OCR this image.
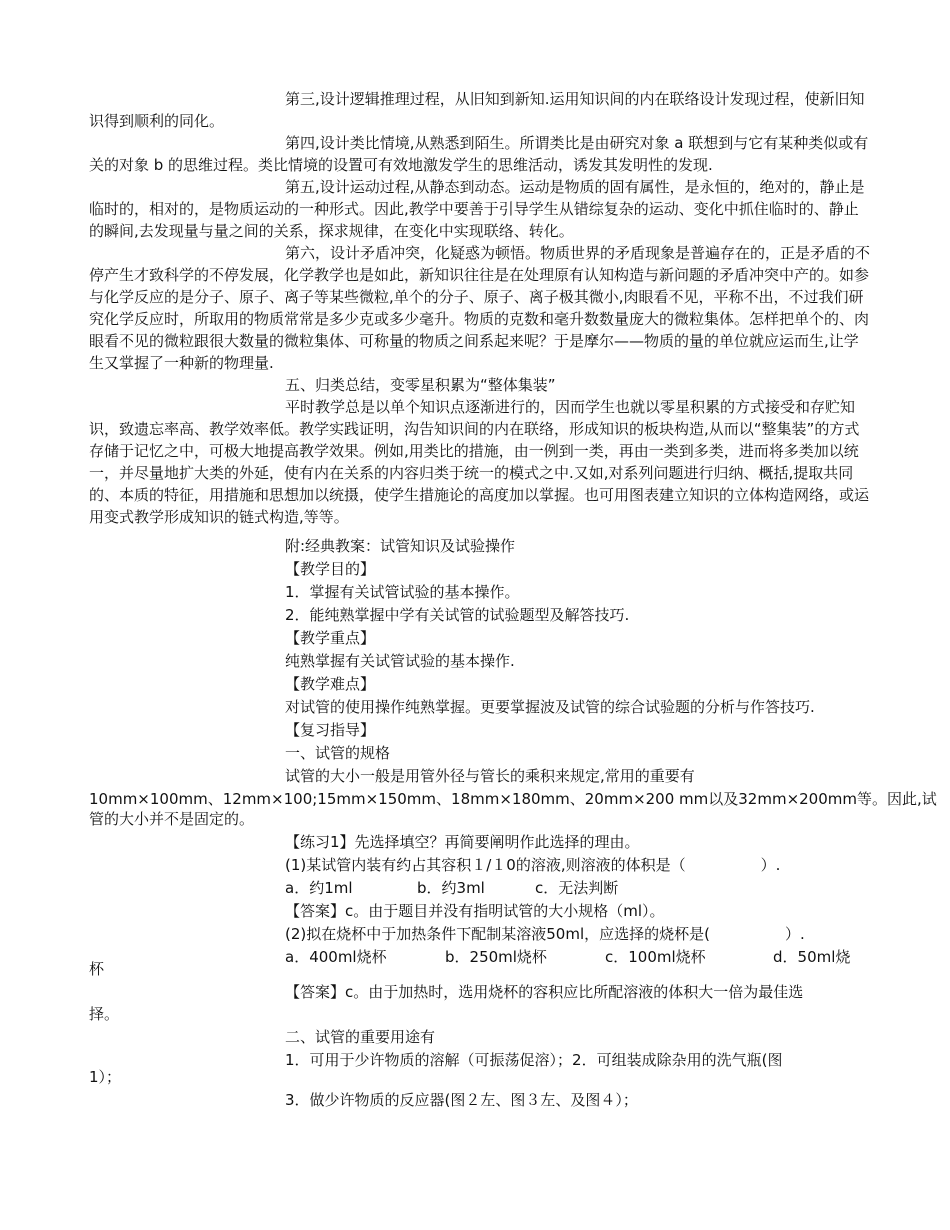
第三,设计逻辑推理过程，从旧知到新知.运用知识间的内在联络设计发现过程，使新旧知识得到顺利的同化。

第四,设计类比情境,从熟悉到陌生。所谓类比是由研究对象 a 联想到与它有某种类似或有关的对象 b 的思维过程。类比情境的设置可有效地激发学生的思维活动，诱发其发明性的发现.

第五,设计运动过程,从静态到动态。运动是物质的固有属性，是永恒的，绝对的，静止是临时的，相对的，是物质运动的一种形式。因此,教学中要善于引导学生从错综复杂的运动、变化中抓住临时的、静止的瞬间,去发现量与量之间的关系，探求规律，在变化中实现联络、转化。

第六，设计矛盾冲突，化疑惑为顿悟。物质世界的矛盾现象是普遍存在的，正是矛盾的不停产生才致科学的不停发展，化学教学也是如此，新知识往往是在处理原有认知构造与新问题的矛盾冲突中产的。如参与化学反应的是分子、原子、离子等某些微粒,单个的分子、原子、离子极其微小,肉眼看不见，平称不出，不过我们研究化学反应时，所取用的物质常常是多少克或多少毫升。物质的克数和毫升数数量庞大的微粒集体。怎样把单个的、肉眼看不见的微粒跟很大数量的微粒集体、可称量的物质之间系起来呢？于是摩尔——物质的量的单位就应运而生,让学生又掌握了一种新的物理量.

五、归类总结，变零星积累为“整体集装”

平时教学总是以单个知识点逐渐进行的，因而学生也就以零星积累的方式接受和存贮知识，致遗忘率高、教学效率低。教学实践证明，沟告知识间的内在联络，形成知识的板块构造,从而以“整集装”的方式存储于记忆之中，可极大地提高教学效果。例如,用类比的措施，由一例到一类，再由一类到多类，进而将多类加以统一，并尽量地扩大类的外延，使有内在关系的内容归类于统一的模式之中.又如,对系列问题进行归纳、概括,提取共同的、本质的特征，用措施和思想加以统摄，使学生措施论的高度加以掌握。也可用图表建立知识的立体构造网络，或运用变式教学形成知识的链式构造,等等。

附:经典教案：试管知识及试验操作

【教学目的】

1．掌握有关试管试验的基本操作。

2．能纯熟掌握中学有关试管的试验题型及解答技巧.

【教学重点】

纯熟掌握有关试管试验的基本操作.

【教学难点】

对试管的使用操作纯熟掌握。更要掌握波及试管的综合试验题的分析与作答技巧.

【复习指导】

一、试管的规格

试管的大小一般是用管外径与管长的乘积来规定,常用的重要有

10mm×100mm、12mm×100;15mm×150mm、18mm×180mm、20mm×200 mm以及32mm×200mm等。因此,试

管的大小并不是固定的。

【练习1】先选择填空？再简要阐明作此选择的理由。

(1)某试管内装有约占其容积１/１0的溶液,则溶液的体积是（　　　　　）.

a．约1ml	b．约3ml	c．无法判断

【答案】c。由于题目并没有指明试管的大小规格（ml）。

(2)拟在烧杯中于加热条件下配制某溶液50ml，应选择的烧杯是(　　　　　）.

a．400ml烧杯	b．250ml烧杯	c．100ml烧杯	d．50ml烧

杯

【答案】c。由于加热时，选用烧杯的容积应比所配溶液的体积大一倍为最佳选

择。

二、试管的重要用途有

1．可用于少许物质的溶解（可振荡促溶）；2．可组装成除杂用的洗气瓶(图

1）；

3．做少许物质的反应器(图２左、图３左、及图４）；
